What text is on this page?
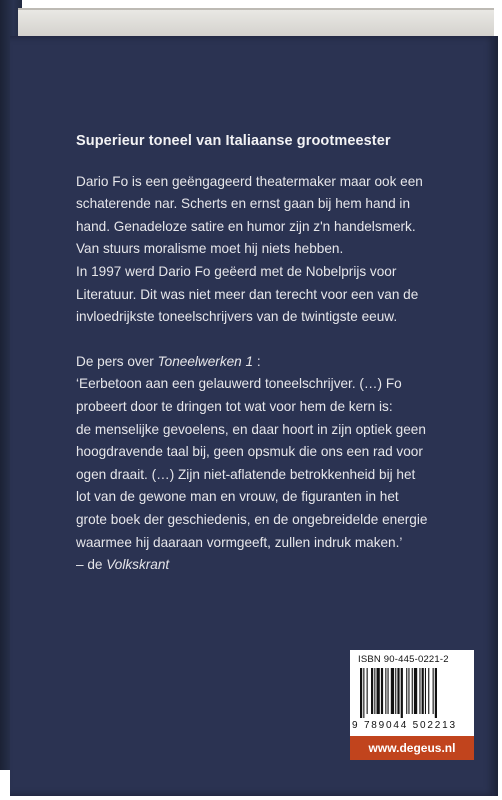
Superieur toneel van Italiaanse grootmeester

Dario Fo is een geëngageerd theatermaker maar ook een
schaterende nar. Scherts en ernst gaan bij hem hand in
hand. Genadeloze satire en humor zijn z'n handelsmerk.
Van stuurs moralisme moet hij niets hebben.

In 1997 werd Dario Fo geëerd met de Nobelprijs voor
Literatuur. Dit was niet meer dan terecht voor een van de
invloedrijkste toneelschrijvers van de twintigste eeuw.

De pers over Toneelwerken 1 :

‘Eerbetoon aan een gelauwerd toneelschrijver. (…) Fo
probeert door te dringen tot wat voor hem de kern is:
de menselijke gevoelens, en daar hoort in zijn optiek geen
hoogdravende taal bij, geen opsmuk die ons een rad voor
ogen draait. (…) Zijn niet-aflatende betrokkenheid bij het
lot van de gewone man en vrouw, de figuranten in het
grote boek der geschiedenis, en de ongebreidelde energie
waarmee hij daaraan vormgeeft, zullen indruk maken.’

– de Volkskrant

ISBN 90-445-0221-2
9 789044 502213
www.degeus.nl
